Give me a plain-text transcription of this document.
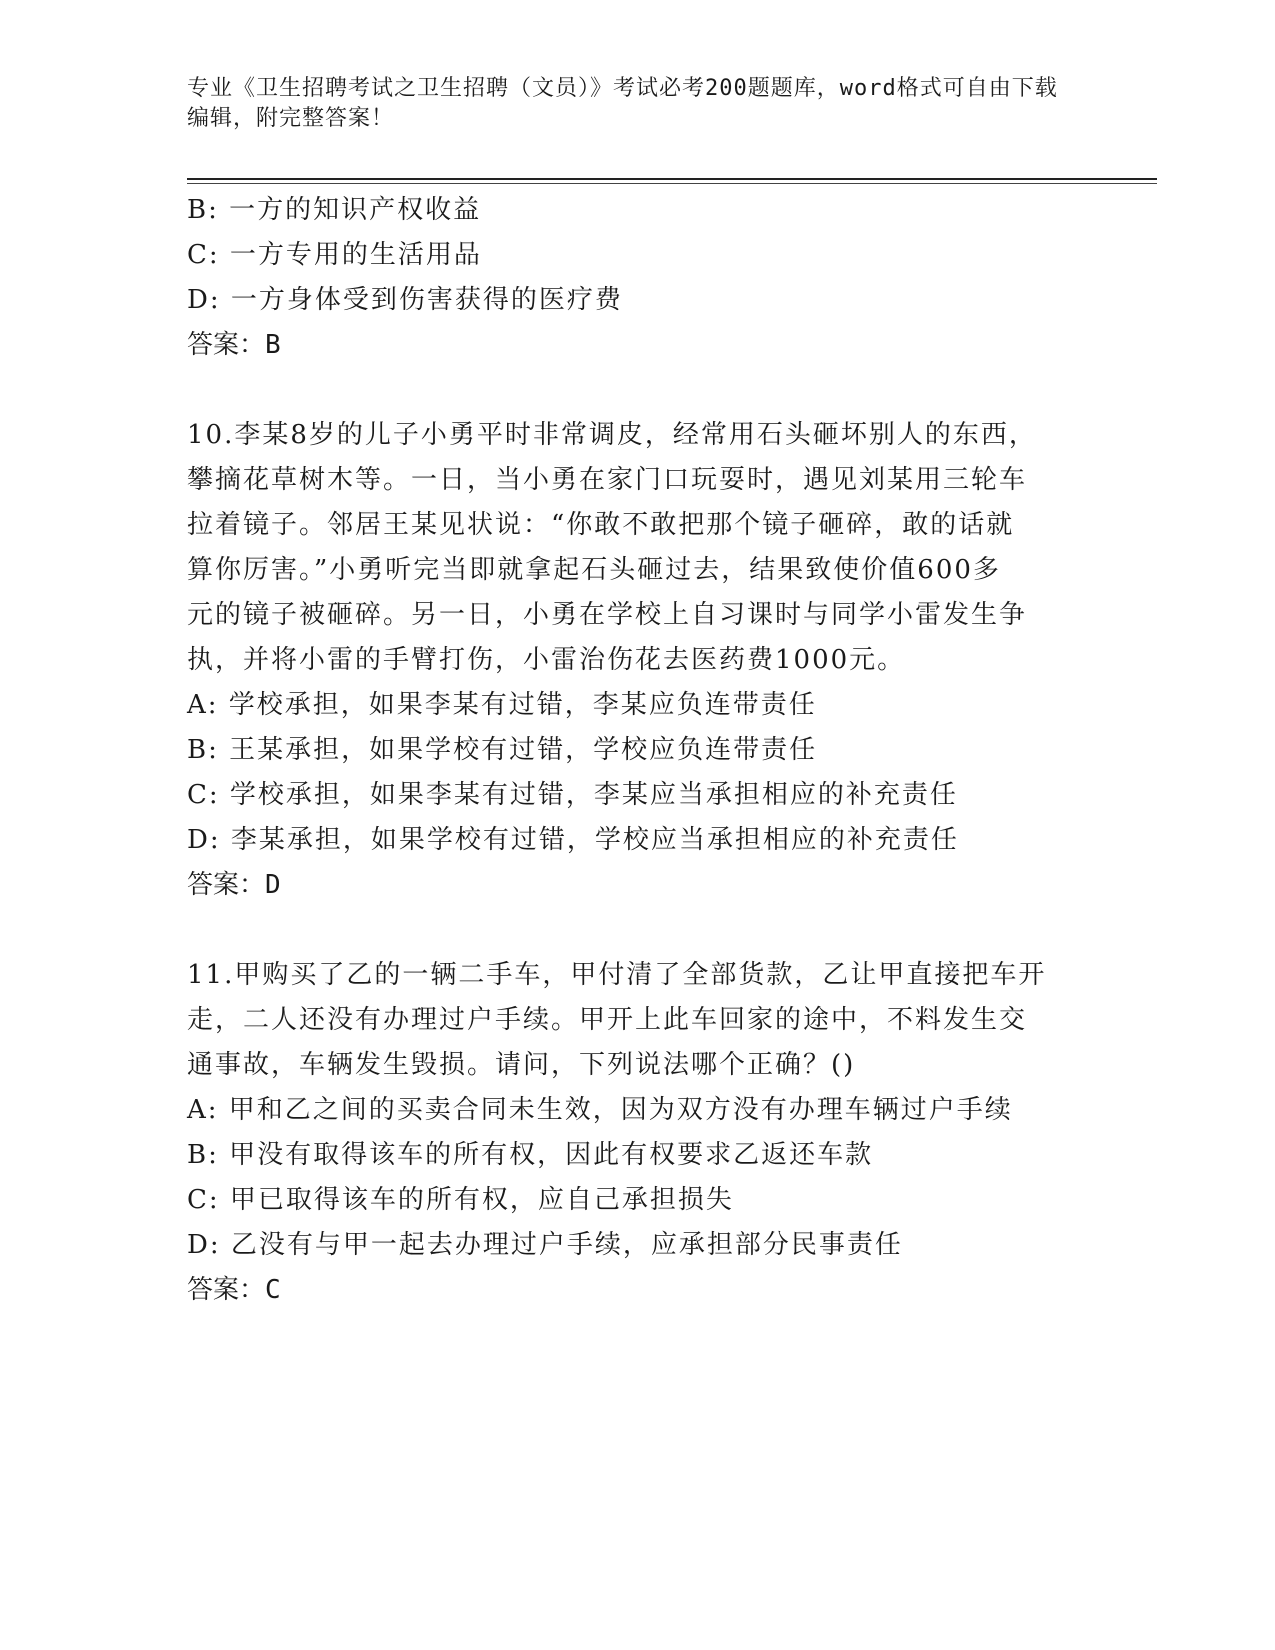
专业《卫生招聘考试之卫生招聘（文员）》考试必考200题题库，word格式可自由下载编辑，附完整答案！
B: 一方的知识产权收益
C: 一方专用的生活用品
D: 一方身体受到伤害获得的医疗费
答案：B
10.李某8岁的儿子小勇平时非常调皮，经常用石头砸坏别人的东西，
攀摘花草树木等。一日，当小勇在家门口玩耍时，遇见刘某用三轮车
拉着镜子。邻居王某见状说：“你敢不敢把那个镜子砸碎，敢的话就
算你厉害。”小勇听完当即就拿起石头砸过去，结果致使价值600多
元的镜子被砸碎。另一日，小勇在学校上自习课时与同学小雷发生争
执，并将小雷的手臂打伤，小雷治伤花去医药费1000元。
A: 学校承担，如果李某有过错，李某应负连带责任
B: 王某承担，如果学校有过错，学校应负连带责任
C: 学校承担，如果李某有过错，李某应当承担相应的补充责任
D: 李某承担，如果学校有过错，学校应当承担相应的补充责任
答案：D
11.甲购买了乙的一辆二手车，甲付清了全部货款，乙让甲直接把车开
走，二人还没有办理过户手续。甲开上此车回家的途中，不料发生交
通事故，车辆发生毁损。请问，下列说法哪个正确？()
A: 甲和乙之间的买卖合同未生效，因为双方没有办理车辆过户手续
B: 甲没有取得该车的所有权，因此有权要求乙返还车款
C: 甲已取得该车的所有权，应自己承担损失
D: 乙没有与甲一起去办理过户手续，应承担部分民事责任
答案：C
